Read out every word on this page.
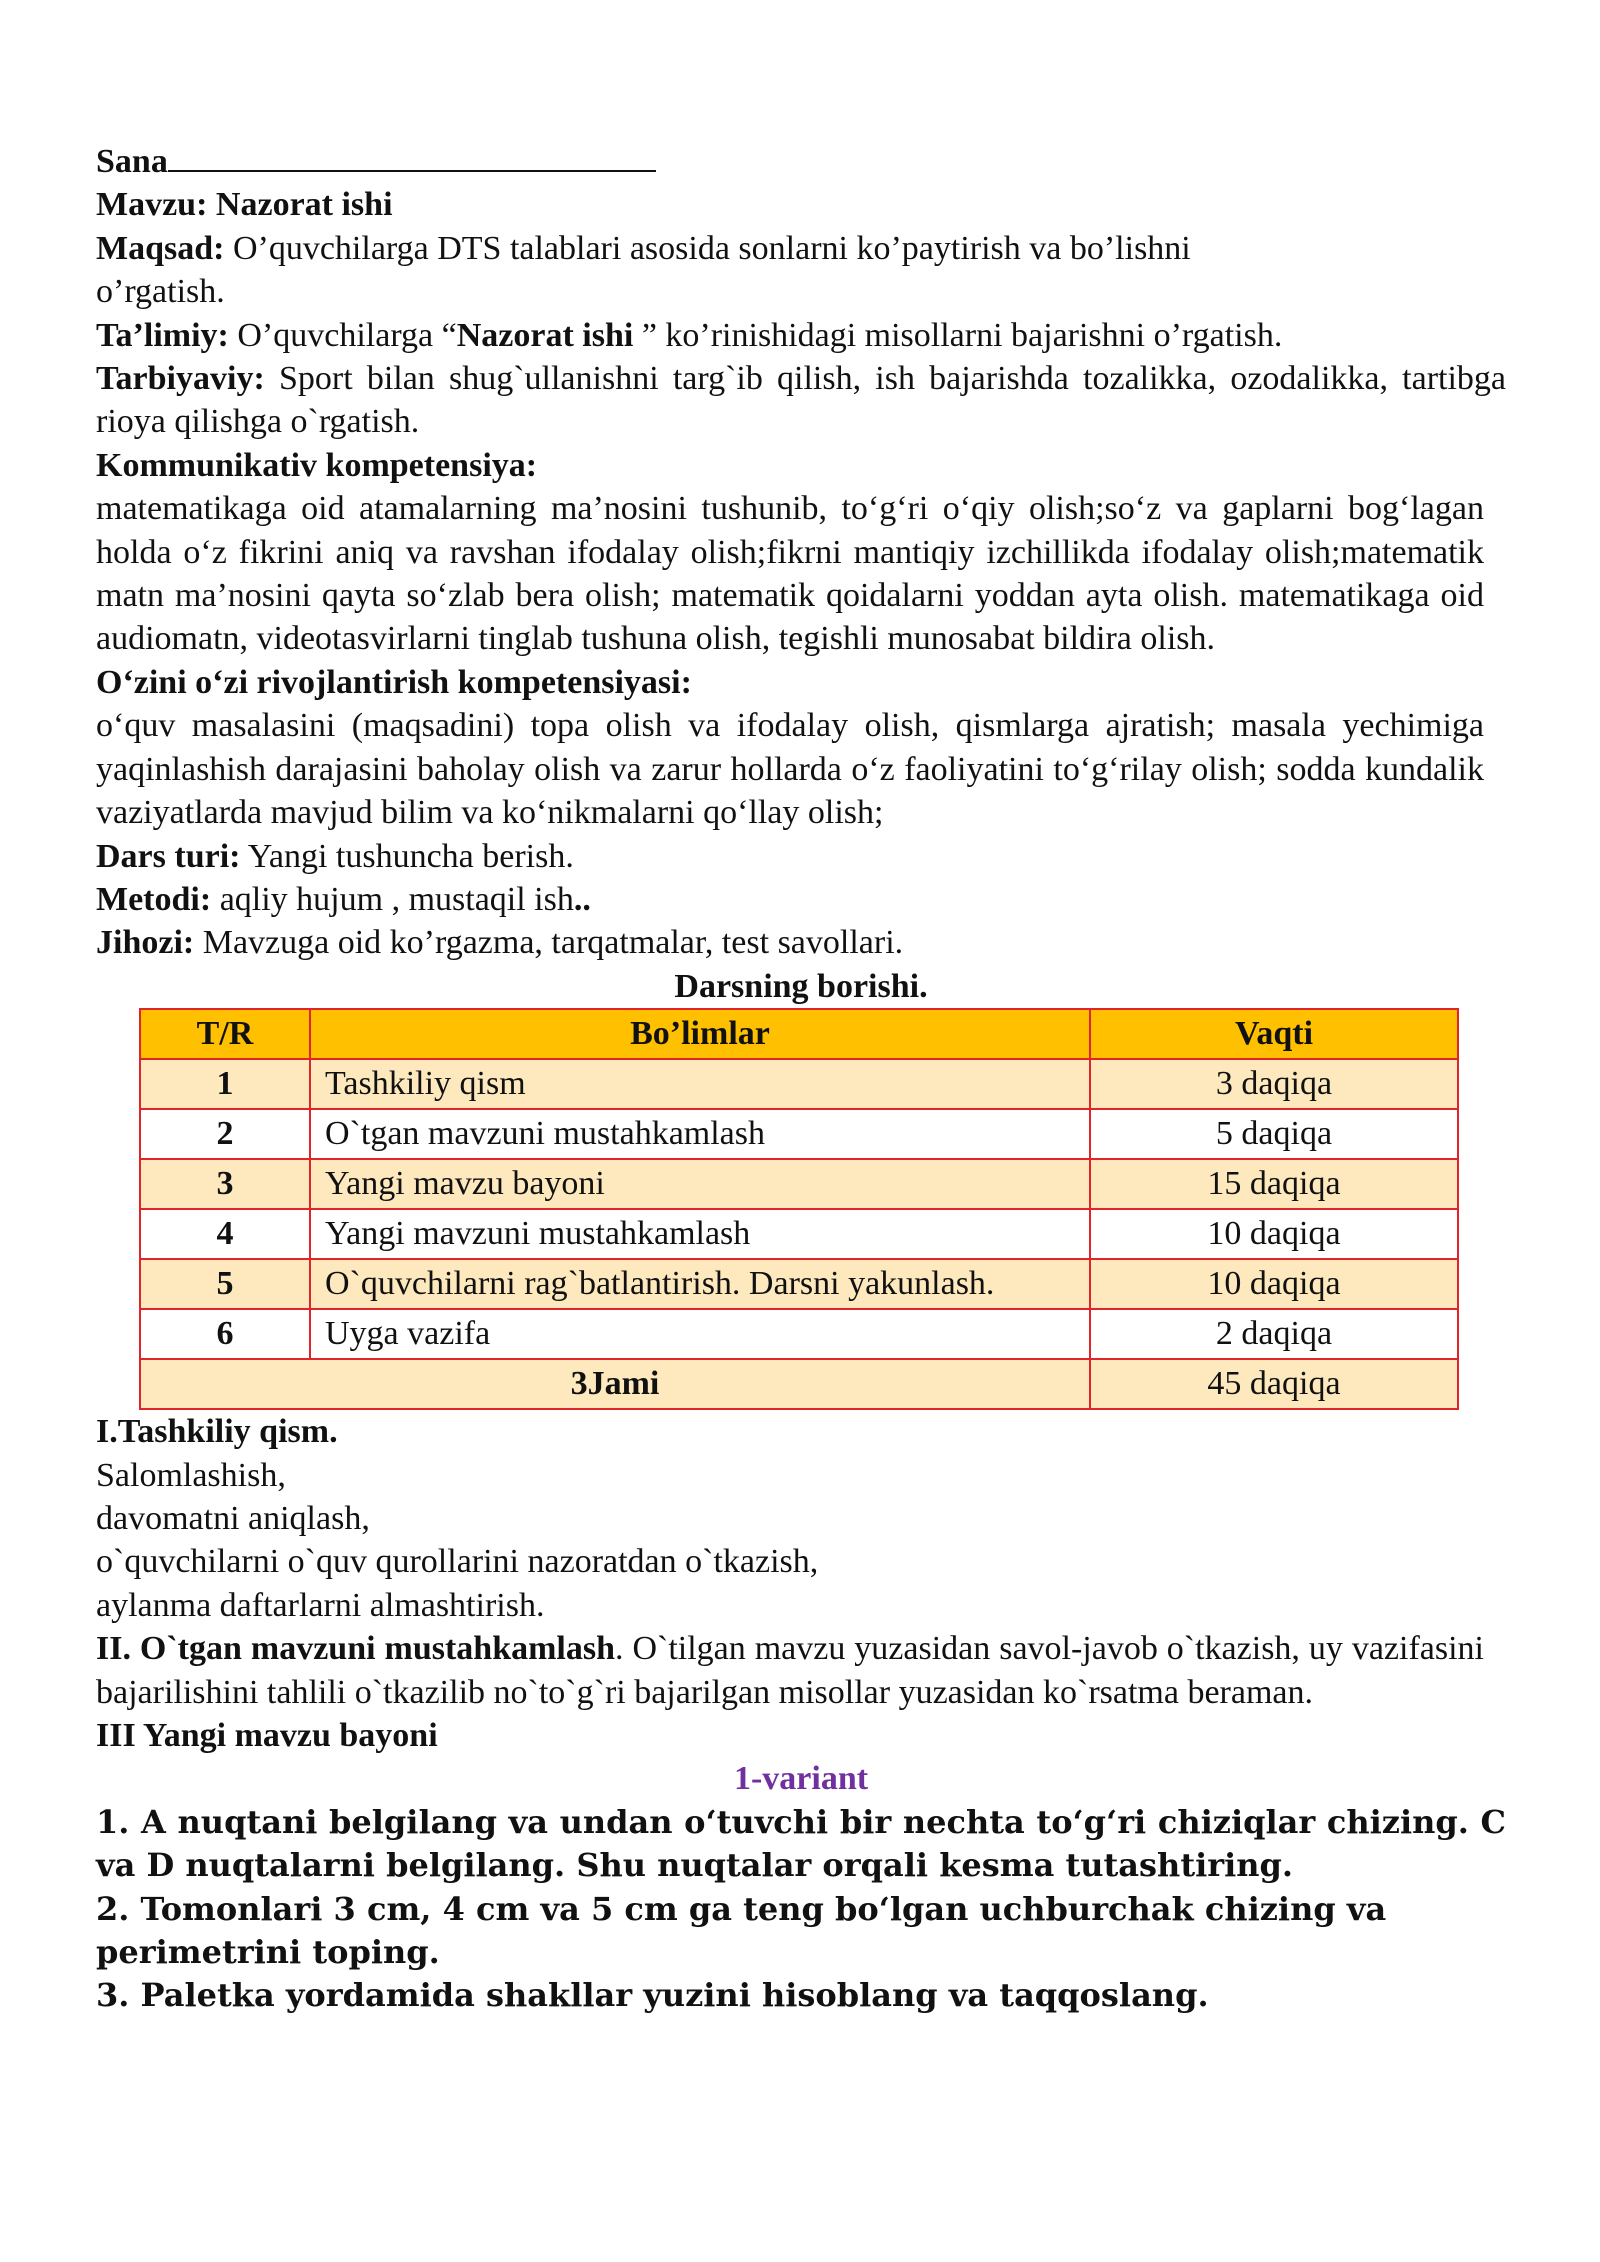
Sana

Mavzu: Nazorat ishi

Maqsad: O’quvchilarga DTS talablari asosida sonlarni ko’paytirish va bo’lishni o’rgatish.

Ta’limiy: O’quvchilarga “Nazorat ishi ” ko’rinishidagi misollarni bajarishni o’rgatish.

Tarbiyaviy: Sport bilan shug`ullanishni targ`ib qilish, ish bajarishda tozalikka, ozodalikka, tartibga rioya qilishga o`rgatish.

Kommunikativ kompetensiya:

matematikaga oid atamalarning ma’nosini tushunib, to‘g‘ri o‘qiy olish;so‘z va gaplarni bog‘lagan holda o‘z fikrini aniq va ravshan ifodalay olish;fikrni mantiqiy izchillikda ifodalay olish;matematik matn ma’nosini qayta so‘zlab bera olish; matematik qoidalarni yoddan ayta olish. matematikaga oid audiomatn, videotasvirlarni tinglab tushuna olish, tegishli munosabat bildira olish.

O‘zini o‘zi rivojlantirish kompetensiyasi:

o‘quv masalasini (maqsadini) topa olish va ifodalay olish, qismlarga ajratish; masala yechimiga yaqinlashish darajasini baholay olish va zarur hollarda o‘z faoliyatini to‘g‘rilay olish; sodda kundalik vaziyatlarda mavjud bilim va ko‘nikmalarni qo‘llay olish;

Dars turi: Yangi tushuncha berish.

Metodi: aqliy hujum , mustaqil ish..

Jihozi: Mavzuga oid ko’rgazma, tarqatmalar, test savollari.

Darsning borishi.

T/R	Bo’limlar	Vaqti
1	Tashkiliy qism	3 daqiqa
2	O`tgan mavzuni mustahkamlash	5 daqiqa
3	Yangi mavzu bayoni	15 daqiqa
4	Yangi mavzuni mustahkamlash	10 daqiqa
5	O`quvchilarni rag`batlantirish. Darsni yakunlash.	10 daqiqa
6	Uyga vazifa	2 daqiqa
3Jami		45 daqiqa

I.Tashkiliy qism.

Salomlashish,

davomatni aniqlash,

o`quvchilarni o`quv qurollarini nazoratdan o`tkazish,

aylanma daftarlarni almashtirish.

II. O`tgan mavzuni mustahkamlash. O`tilgan mavzu yuzasidan savol-javob o`tkazish, uy vazifasini bajarilishini tahlili o`tkazilib no`to`g`ri bajarilgan misollar yuzasidan ko`rsatma beraman.

III Yangi mavzu bayoni

1-variant

1. A nuqtani belgilang va undan o‘tuvchi bir nechta to‘g‘ri chiziqlar chizing. C va D nuqtalarni belgilang. Shu nuqtalar orqali kesma tutashtiring.

2. Tomonlari 3 cm, 4 cm va 5 cm ga teng bo‘lgan uchburchak chizing va perimetrini toping.

3. Paletka yordamida shakllar yuzini hisoblang va taqqoslang.
